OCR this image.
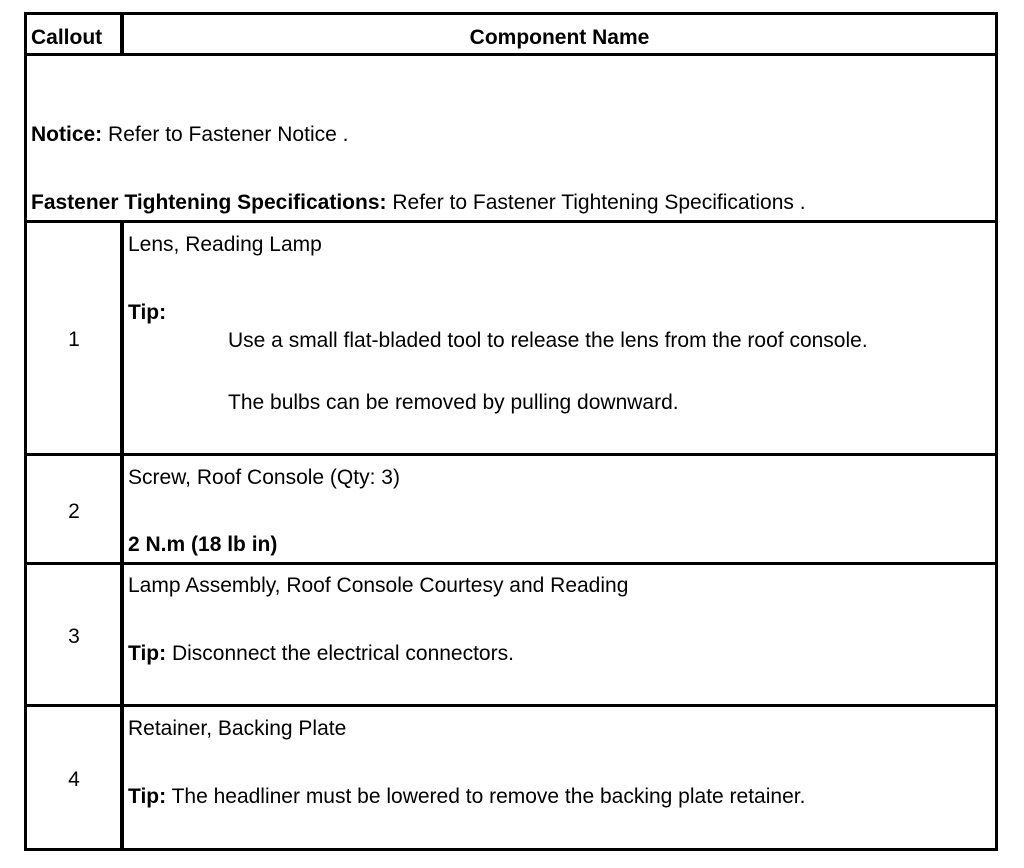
Callout	Component Name
Notice: Refer to Fastener Notice .
Fastener Tightening Specifications: Refer to Fastener Tightening Specifications .
1
Lens, Reading Lamp
Tip:
Use a small flat-bladed tool to release the lens from the roof console.
The bulbs can be removed by pulling downward.
2
Screw, Roof Console (Qty: 3)
2 N.m (18 lb in)
3
Lamp Assembly, Roof Console Courtesy and Reading
Tip: Disconnect the electrical connectors.
4
Retainer, Backing Plate
Tip: The headliner must be lowered to remove the backing plate retainer.
